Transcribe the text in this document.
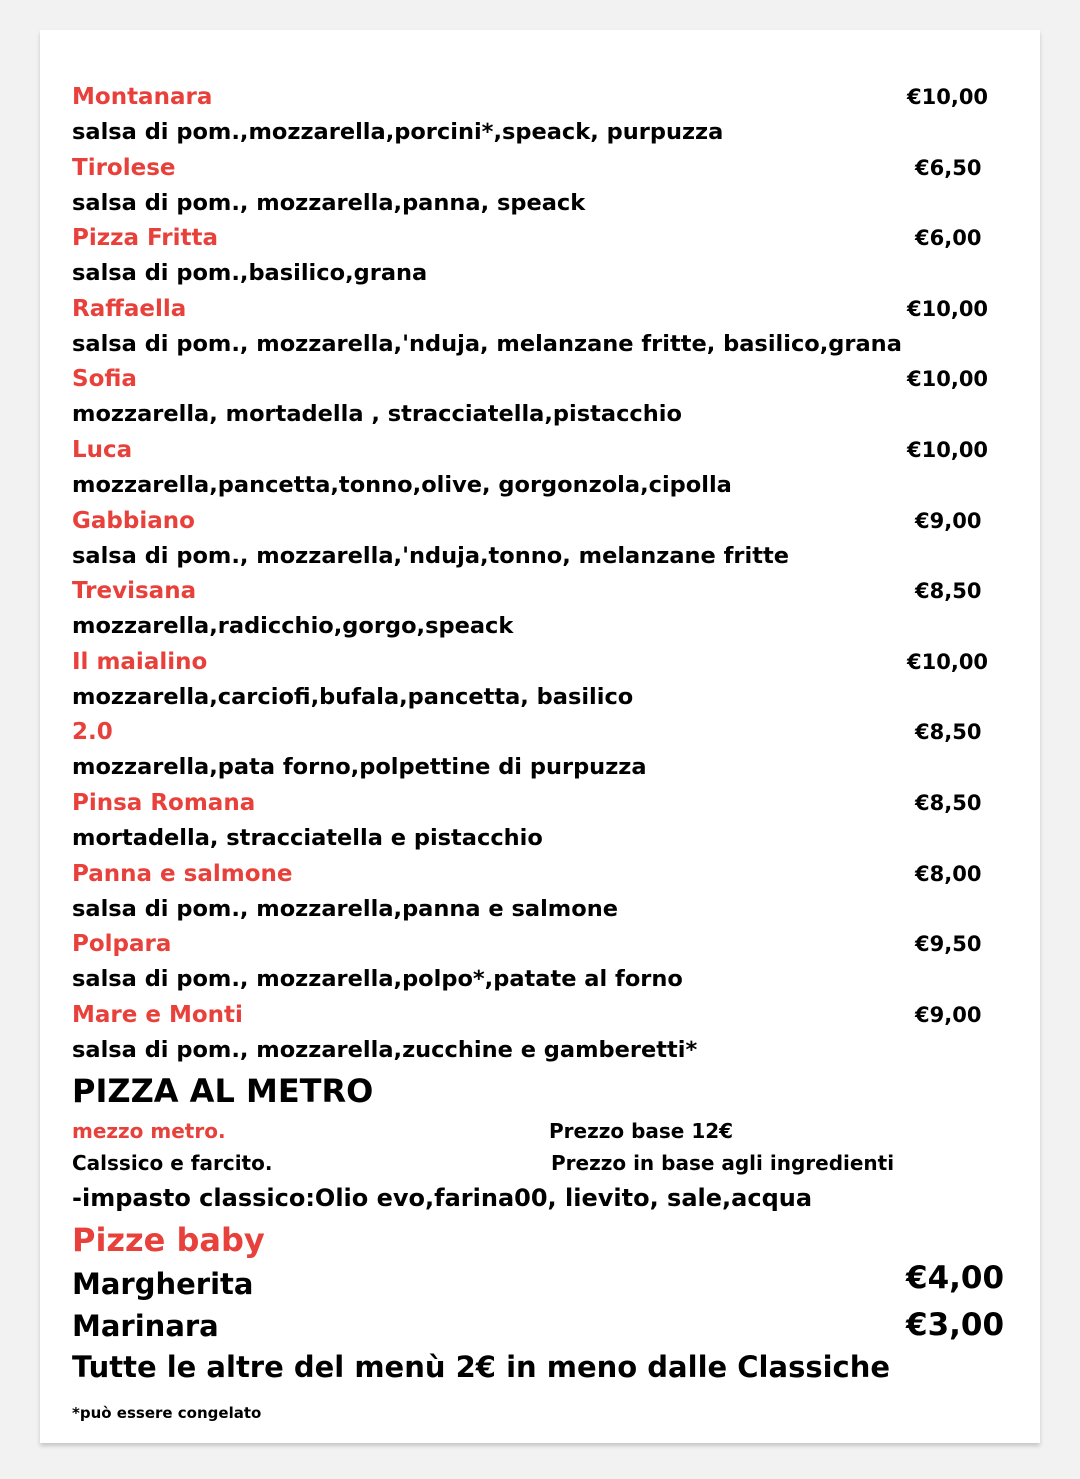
Montanara	€10,00
salsa di pom.,mozzarella,porcini*,speack, purpuzza
Tirolese	€6,50
salsa di pom., mozzarella,panna, speack
Pizza Fritta	€6,00
salsa di pom.,basilico,grana
Raffaella	€10,00
salsa di pom., mozzarella,'nduja, melanzane fritte, basilico,grana
Sofia	€10,00
mozzarella, mortadella , stracciatella,pistacchio
Luca	€10,00
mozzarella,pancetta,tonno,olive, gorgonzola,cipolla
Gabbiano	€9,00
salsa di pom., mozzarella,'nduja,tonno, melanzane fritte
Trevisana	€8,50
mozzarella,radicchio,gorgo,speack
Il maialino	€10,00
mozzarella,carciofi,bufala,pancetta, basilico
2.0	€8,50
mozzarella,pata forno,polpettine di purpuzza
Pinsa Romana	€8,50
mortadella, stracciatella e pistacchio
Panna e salmone	€8,00
salsa di pom., mozzarella,panna e salmone
Polpara	€9,50
salsa di pom., mozzarella,polpo*,patate al forno
Mare e Monti	€9,00
salsa di pom., mozzarella,zucchine e gamberetti*
PIZZA AL METRO
mezzo metro.	Prezzo base 12€
Calssico e farcito.	Prezzo in base agli ingredienti
-impasto classico:Olio evo,farina00, lievito, sale,acqua
Pizze baby
Margherita	€4,00
Marinara	€3,00
Tutte le altre del menù 2€ in meno dalle Classiche
*può essere congelato
